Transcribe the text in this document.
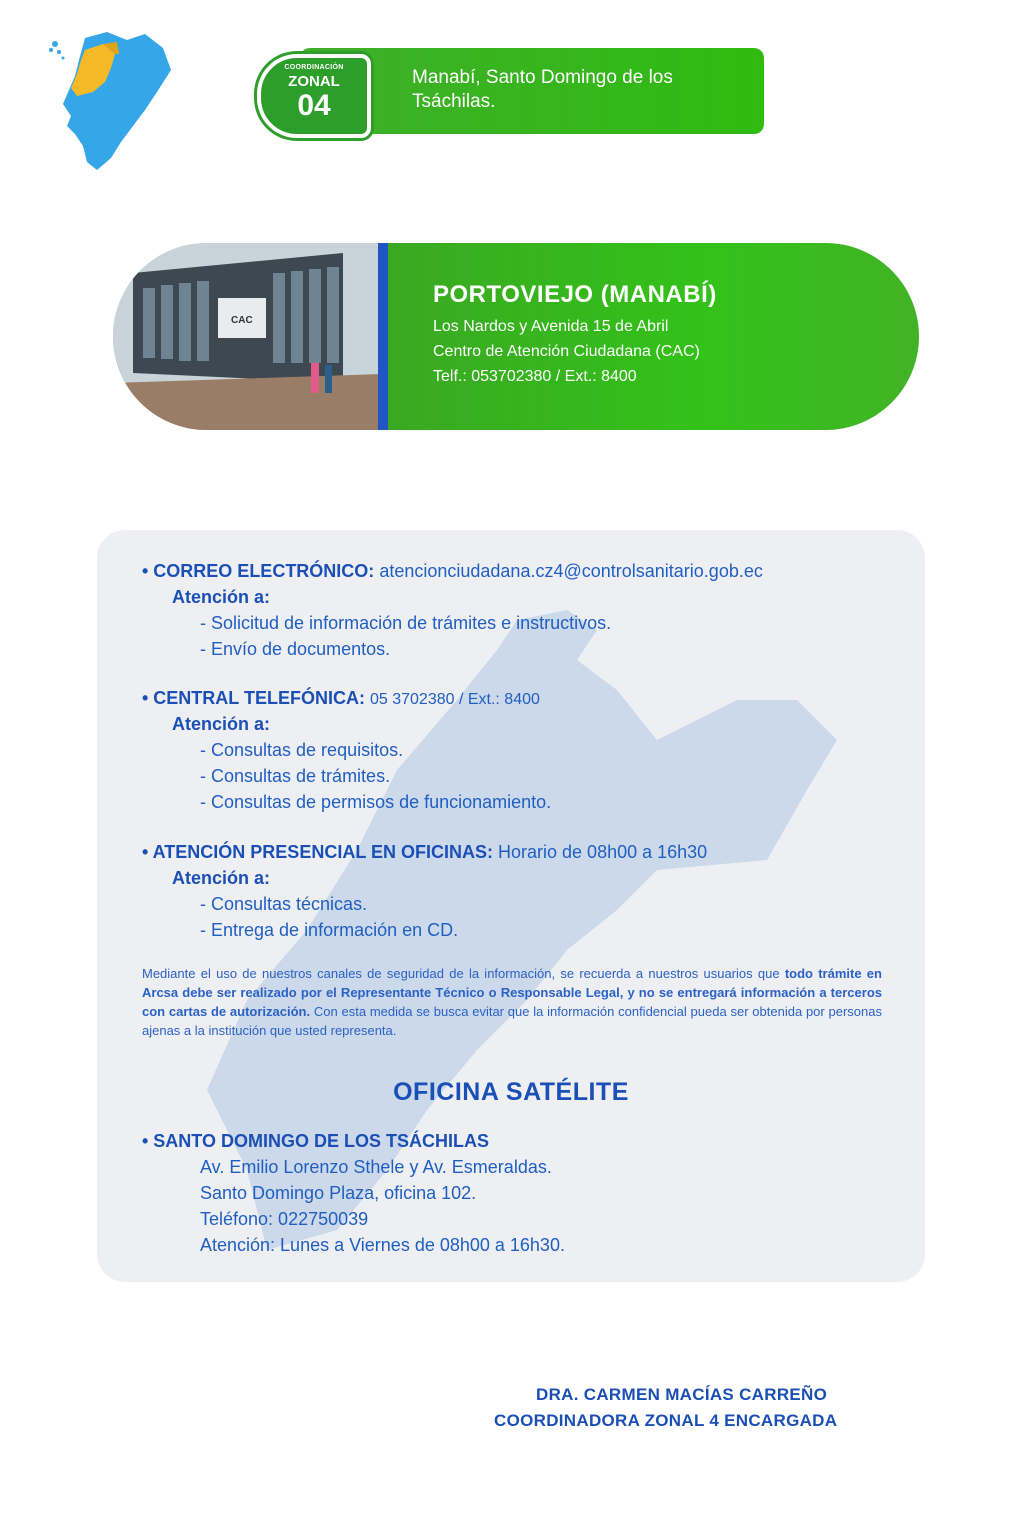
Manabí, Santo Domingo de los
Tsáchilas.
COORDINACIÓN
ZONAL
04
CAC
PORTOVIEJO (MANABÍ)
Los Nardos y Avenida 15 de Abril
Centro de Atención Ciudadana (CAC)
Telf.: 053702380 / Ext.: 8400
• CORREO ELECTRÓNICO: atencionciudadana.cz4@controlsanitario.gob.ec
Atención a:
- Solicitud de información de trámites e instructivos.
- Envío de documentos.
• CENTRAL TELEFÓNICA: 05 3702380 / Ext.: 8400
Atención a:
- Consultas de requisitos.
- Consultas de trámites.
- Consultas de permisos de funcionamiento.
• ATENCIÓN PRESENCIAL EN OFICINAS: Horario de 08h00 a 16h30
Atención a:
- Consultas técnicas.
- Entrega de información en CD.
Mediante el uso de nuestros canales de seguridad de la información, se recuerda a nuestros usuarios que todo trámite en Arcsa debe ser realizado por el Representante Técnico o Responsable Legal, y no se entregará información a terceros con cartas de autorización. Con esta medida se busca evitar que la información confidencial pueda ser obtenida por personas ajenas a la institución que usted representa.
OFICINA SATÉLITE
• SANTO DOMINGO DE LOS TSÁCHILAS
Av. Emilio Lorenzo Sthele y Av. Esmeraldas.
Santo Domingo Plaza, oficina 102.
Teléfono: 022750039
Atención: Lunes a Viernes de 08h00 a 16h30.
DRA. CARMEN MACÍAS CARREÑO
COORDINADORA ZONAL 4 ENCARGADA
